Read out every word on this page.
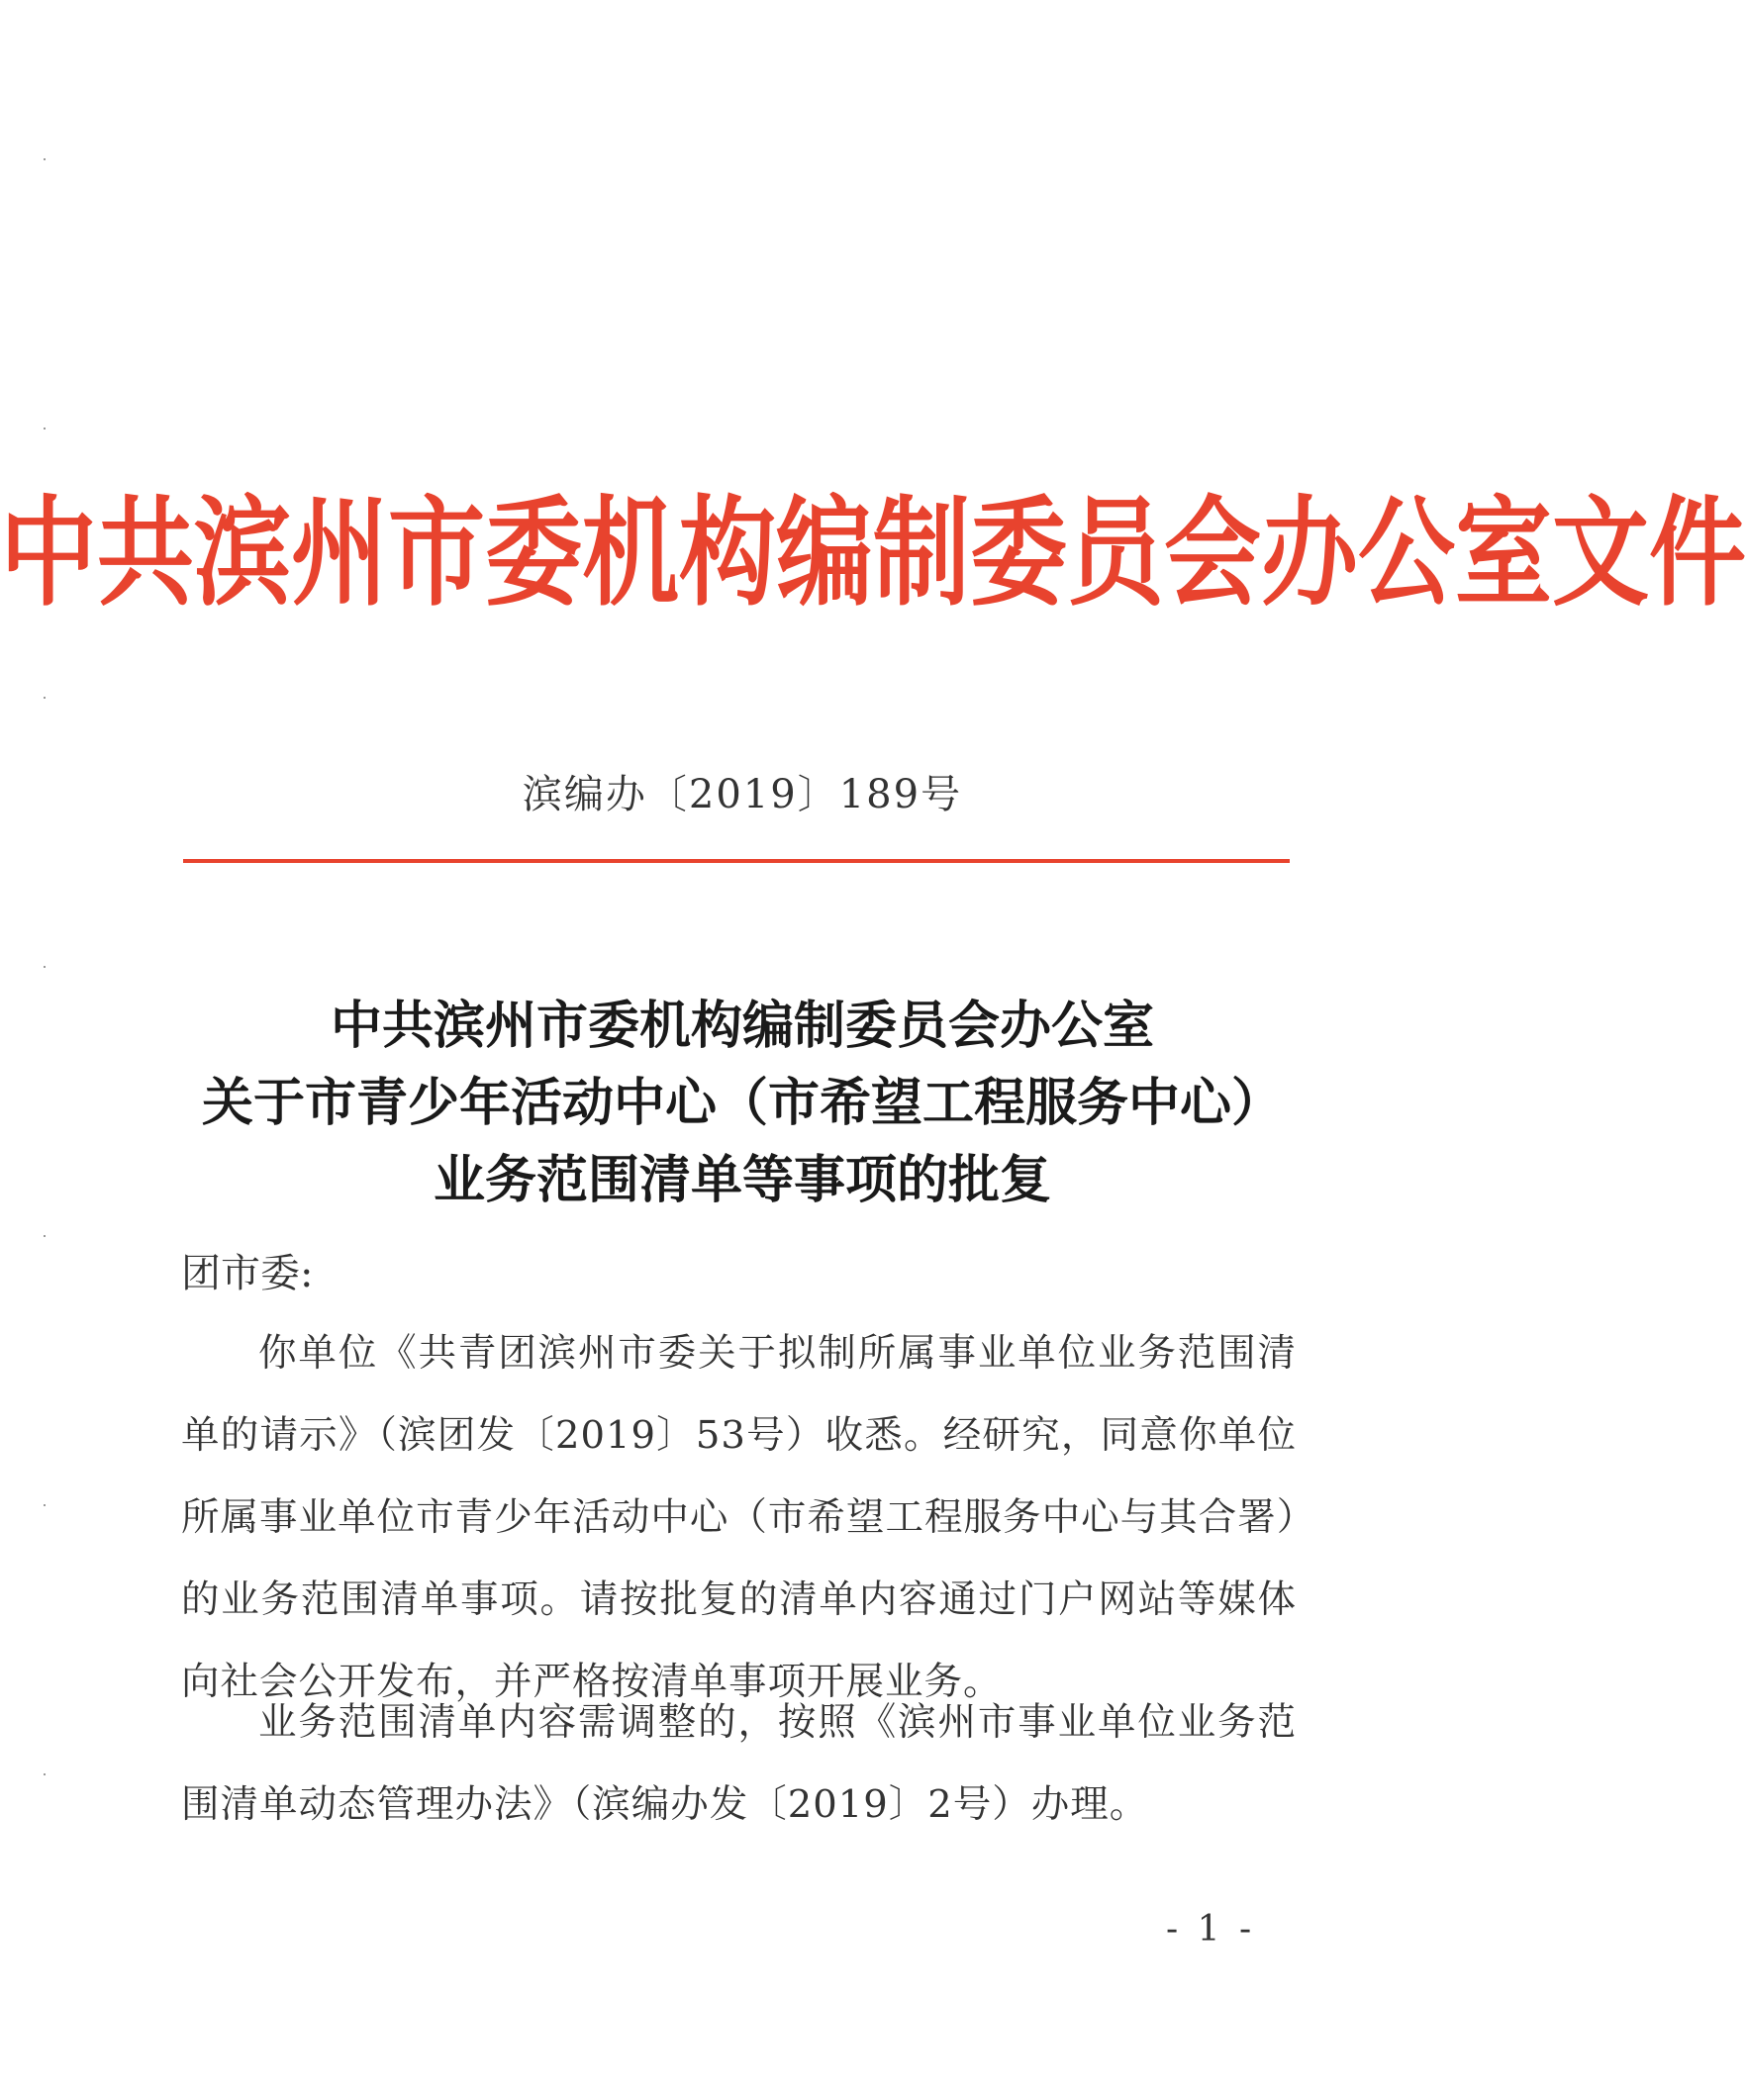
中共滨州市委机构编制委员会办公室文件
滨编办〔2019〕189号
中共滨州市委机构编制委员会办公室
关于市青少年活动中心（市希望工程服务中心）
业务范围清单等事项的批复
团市委:
你单位《共青团滨州市委关于拟制所属事业单位业务范围清单的请示》（滨团发〔2019〕53号）收悉。经研究，同意你单位所属事业单位市青少年活动中心（市希望工程服务中心与其合署）的业务范围清单事项。请按批复的清单内容通过门户网站等媒体向社会公开发布，并严格按清单事项开展业务。
业务范围清单内容需调整的，按照《滨州市事业单位业务范围清单动态管理办法》（滨编办发〔2019〕2号）办理。
- 1 -
